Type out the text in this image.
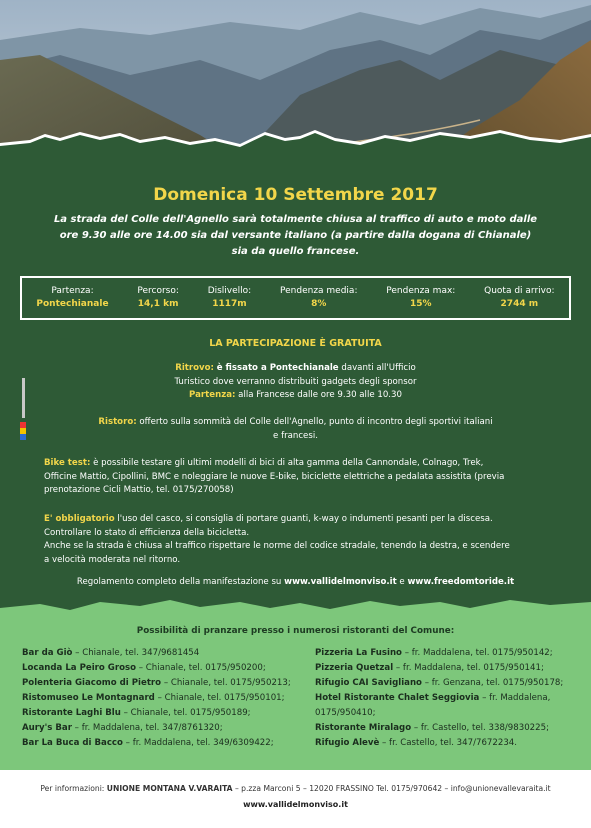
Domenica 10 Settembre 2017
La strada del Colle dell'Agnello sarà totalmente chiusa al traffico di auto e moto dalle
ore 9.30 alle ore 14.00 sia dal versante italiano (a partire dalla dogana di Chianale)
sia da quello francese.
Partenza:
Pontechianale
Percorso:
14,1 km
Dislivello:
1117m
Pendenza media:
8%
Pendenza max:
15%
Quota di arrivo:
2744 m
LA PARTECIPAZIONE È GRATUITA
Ritrovo: è fissato a Pontechianale davanti all'Ufficio
Turistico dove verranno distribuiti gadgets degli sponsor
Partenza: alla Francese dalle ore 9.30 alle 10.30
Ristoro: offerto sulla sommità del Colle dell'Agnello, punto di incontro degli sportivi italiani
e francesi.
Bike test: è possibile testare gli ultimi modelli di bici di alta gamma della Cannondale, Colnago, Trek,
Officine Mattio, Cipollini, BMC e noleggiare le nuove E-bike, biciclette elettriche a pedalata assistita (previa
prenotazione Cicli Mattio, tel. 0175/270058)
E' obbligatorio l'uso del casco, si consiglia di portare guanti, k-way o indumenti pesanti per la discesa.
Controllare lo stato di efficienza della bicicletta.
Anche se la strada è chiusa al traffico rispettare le norme del codice stradale, tenendo la destra, e scendere
a velocità moderata nel ritorno.
Regolamento completo della manifestazione su www.vallidelmonviso.it e www.freedomtoride.it
Possibilità di pranzare presso i numerosi ristoranti del Comune:
Bar da Giò – Chianale, tel. 347/9681454
Locanda La Peiro Groso – Chianale, tel. 0175/950200;
Polenteria Giacomo di Pietro – Chianale, tel. 0175/950213;
Ristomuseo Le Montagnard – Chianale, tel. 0175/950101;
Ristorante Laghi Blu – Chianale, tel. 0175/950189;
Aury's Bar – fr. Maddalena, tel. 347/8761320;
Bar La Buca di Bacco – fr. Maddalena, tel. 349/6309422;
Pizzeria La Fusino – fr. Maddalena, tel. 0175/950142;
Pizzeria Quetzal – fr. Maddalena, tel. 0175/950141;
Rifugio CAI Savigliano – fr. Genzana, tel. 0175/950178;
Hotel Ristorante Chalet Seggiovia – fr. Maddalena,
0175/950410;
Ristorante Miralago – fr. Castello, tel. 338/9830225;
Rifugio Alevè – fr. Castello, tel. 347/7672234.
Per informazioni: UNIONE MONTANA V.VARAITA – p.zza Marconi 5 – 12020 FRASSINO Tel. 0175/970642 – info@unionevallevaraita.it
www.vallidelmonviso.it
